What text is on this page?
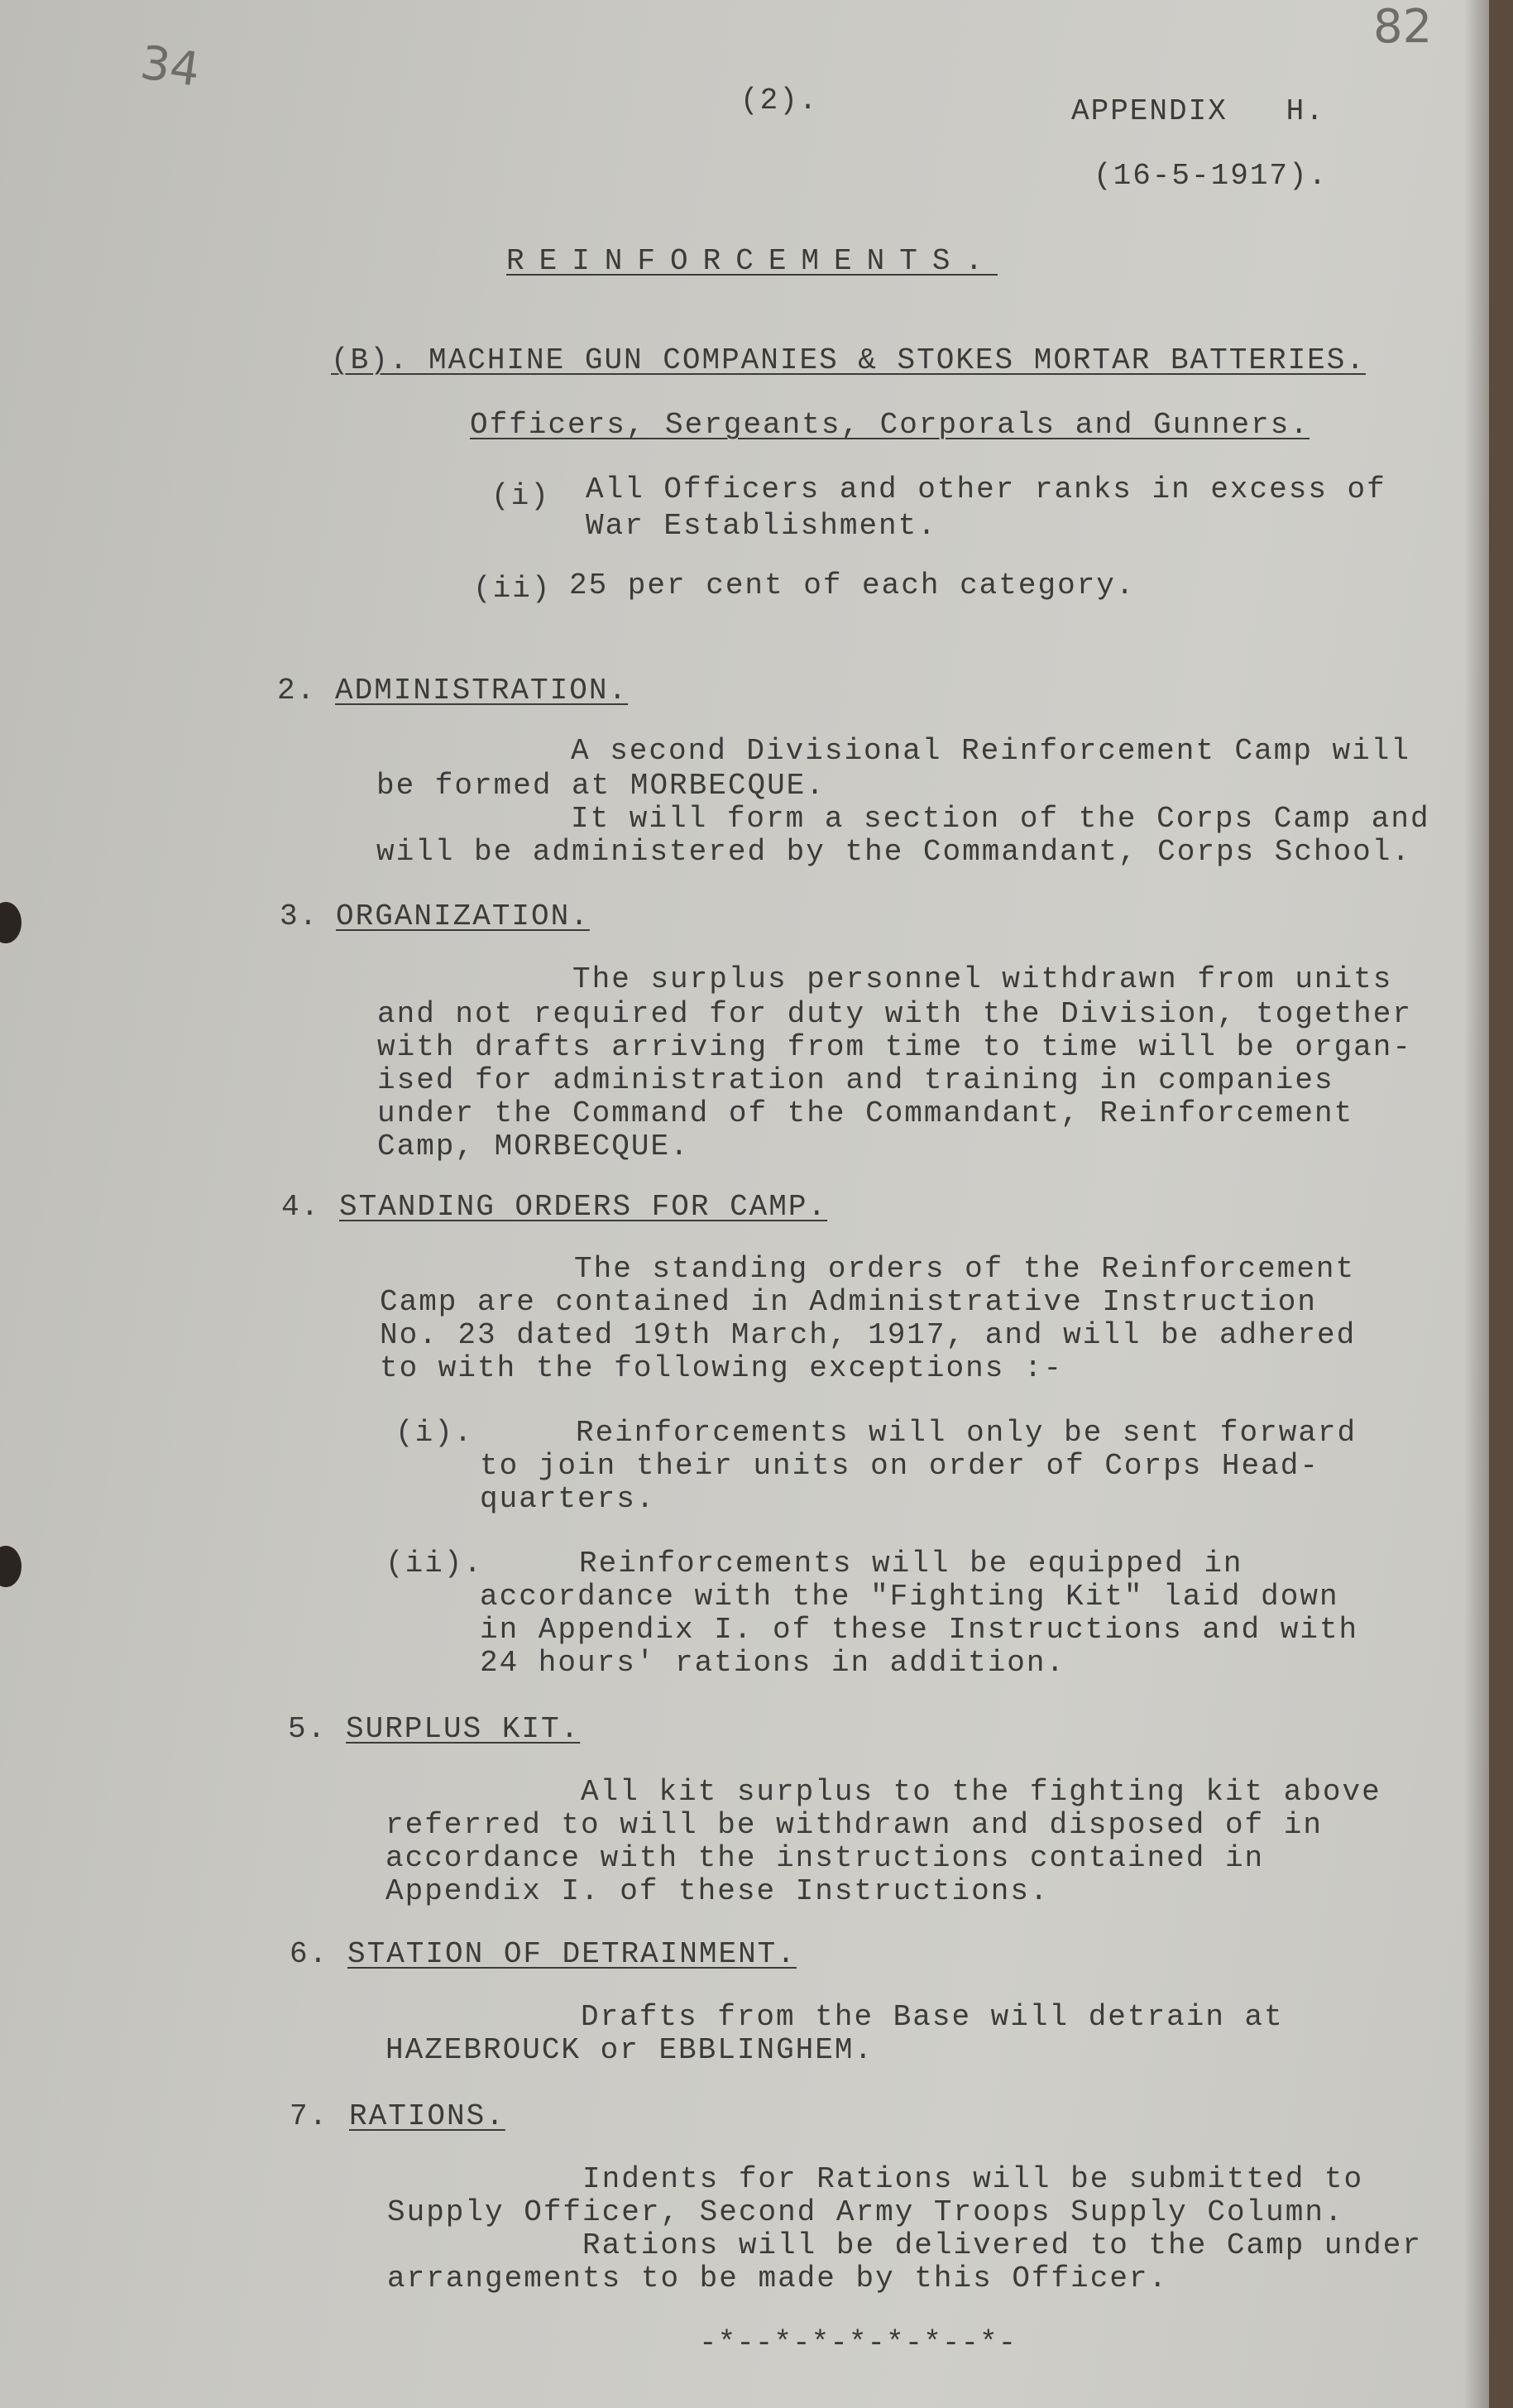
34

82

(2).	APPENDIX   H.

(16-5-1917).

REINFORCEMENTS.

(B). MACHINE GUN COMPANIES & STOKES MORTAR BATTERIES.

Officers, Sergeants, Corporals and Gunners.

(i) All Officers and other ranks in excess of

War Establishment.

(ii) 25 per cent of each category.

2. ADMINISTRATION.

A second Divisional Reinforcement Camp will

be formed at MORBECQUE.

It will form a section of the Corps Camp and

will be administered by the Commandant, Corps School.

3. ORGANIZATION.

The surplus personnel withdrawn from units

and not required for duty with the Division, together

with drafts arriving from time to time will be organ-

ised for administration and training in companies

under the Command of the Commandant, Reinforcement

Camp, MORBECQUE.

4. STANDING ORDERS FOR CAMP.

The standing orders of the Reinforcement

Camp are contained in Administrative Instruction

No. 23 dated 19th March, 1917, and will be adhered

to with the following exceptions :-

(i).	Reinforcements will only be sent forward

to join their units on order of Corps Head-

quarters.

(ii).	Reinforcements will be equipped in

accordance with the "Fighting Kit" laid down

in Appendix I. of these Instructions and with

24 hours' rations in addition.

5. SURPLUS KIT.

All kit surplus to the fighting kit above

referred to will be withdrawn and disposed of in

accordance with the instructions contained in

Appendix I. of these Instructions.

6. STATION OF DETRAINMENT.

Drafts from the Base will detrain at

HAZEBROUCK or EBBLINGHEM.

7. RATIONS.

Indents for Rations will be submitted to

Supply Officer, Second Army Troops Supply Column.

Rations will be delivered to the Camp under

arrangements to be made by this Officer.

-*--*-*-*-*-*--*-
